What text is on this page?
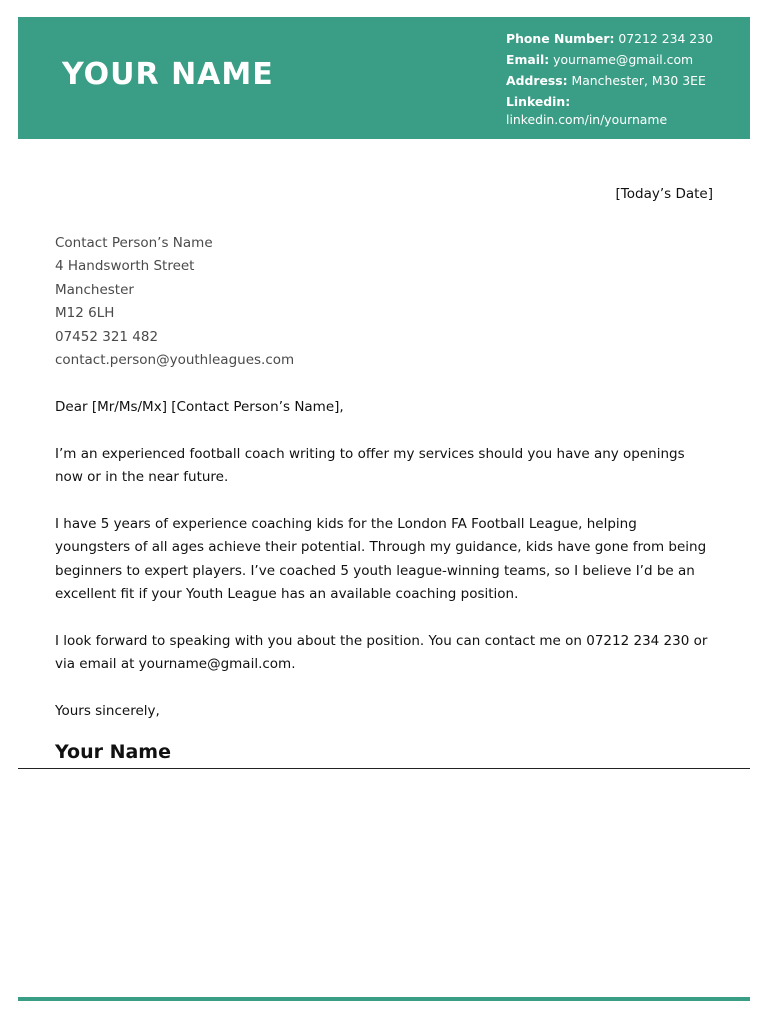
YOUR NAME
Phone Number: 07212 234 230
Email: yourname@gmail.com
Address: Manchester, M30 3EE
Linkedin:
linkedin.com/in/yourname
[Today’s Date]
Contact Person’s Name
4 Handsworth Street
Manchester
M12 6LH
07452 321 482
contact.person@youthleagues.com

Dear [Mr/Ms/Mx] [Contact Person’s Name],

I’m an experienced football coach writing to offer my services should you have any openings now or in the near future.

I have 5 years of experience coaching kids for the London FA Football League, helping youngsters of all ages achieve their potential. Through my guidance, kids have gone from being beginners to expert players. I’ve coached 5 youth league-winning teams, so I believe I’d be an excellent fit if your Youth League has an available coaching position.

I look forward to speaking with you about the position. You can contact me on 07212 234 230 or via email at yourname@gmail.com.

Yours sincerely,

Your Name
